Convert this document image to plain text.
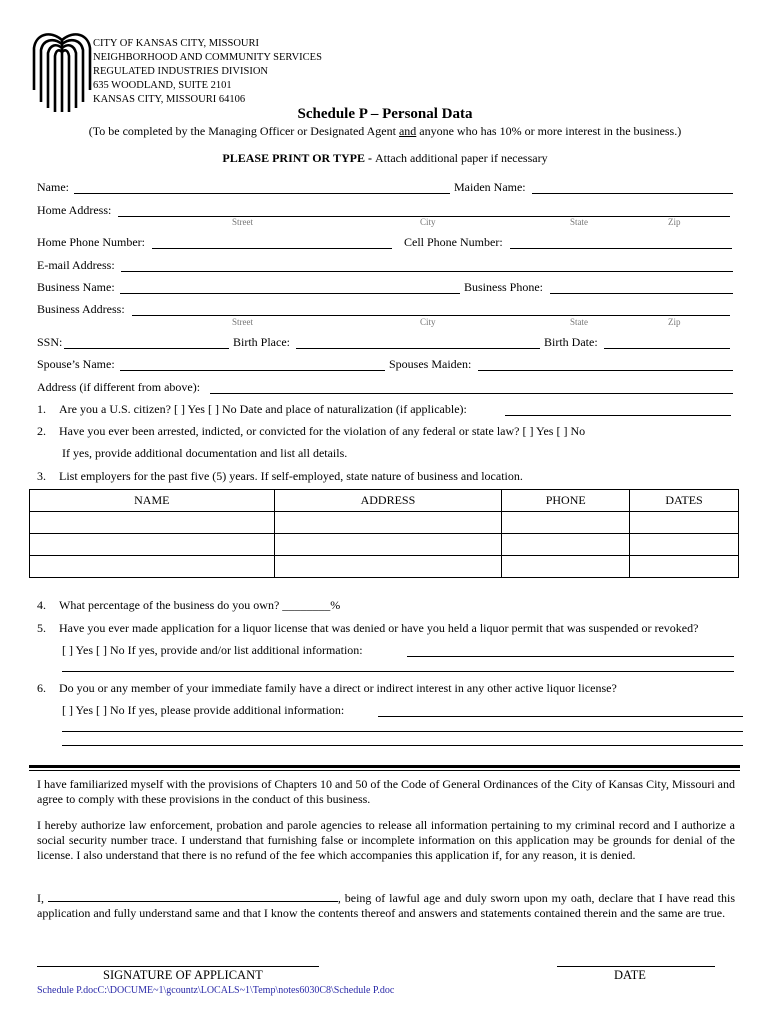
CITY OF KANSAS CITY, MISSOURI
NEIGHBORHOOD AND COMMUNITY SERVICES
REGULATED INDUSTRIES DIVISION
635 WOODLAND, SUITE 2101
KANSAS CITY, MISSOURI 64106
Schedule P – Personal Data
(To be completed by the Managing Officer or Designated Agent and anyone who has 10% or more interest in the business.)
PLEASE PRINT OR TYPE - Attach additional paper if necessary
Name:	Maiden Name:
Home Address:
Street	City	State	Zip
Home Phone Number:	Cell Phone Number:
E-mail Address:
Business Name:	Business Phone:
Business Address:
Street	City	State	Zip
SSN:	Birth Place:	Birth Date:
Spouse’s Name:	Spouses Maiden:
Address (if different from above):
1. Are you a U.S. citizen? [ ] Yes [ ] No Date and place of naturalization (if applicable):
2. Have you ever been arrested, indicted, or convicted for the violation of any federal or state law? [ ] Yes [ ] No
If yes, provide additional documentation and list all details.
3. List employers for the past five (5) years. If self-employed, state nature of business and location.
NAME	ADDRESS	PHONE	DATES

4. What percentage of the business do you own? ________%
5. Have you ever made application for a liquor license that was denied or have you held a liquor permit that was suspended or revoked?
[ ] Yes [ ] No If yes, provide and/or list additional information:
6. Do you or any member of your immediate family have a direct or indirect interest in any other active liquor license?
[ ] Yes [ ] No If yes, please provide additional information:
I have familiarized myself with the provisions of Chapters 10 and 50 of the Code of General Ordinances of the City of Kansas City, Missouri and agree to comply with these provisions in the conduct of this business.
I hereby authorize law enforcement, probation and parole agencies to release all information pertaining to my criminal record and I authorize a social security number trace. I understand that furnishing false or incomplete information on this application may be grounds for denial of the license. I also understand that there is no refund of the fee which accompanies this application if, for any reason, it is denied.
I,	, being of lawful age and duly sworn upon my oath, declare that I have read this application and fully understand same and that I know the contents thereof and answers and statements contained therein and the same are true.
SIGNATURE OF APPLICANT	DATE
Schedule P.docC:\DOCUME~1\gcountz\LOCALS~1\Temp\notes6030C8\Schedule P.doc
